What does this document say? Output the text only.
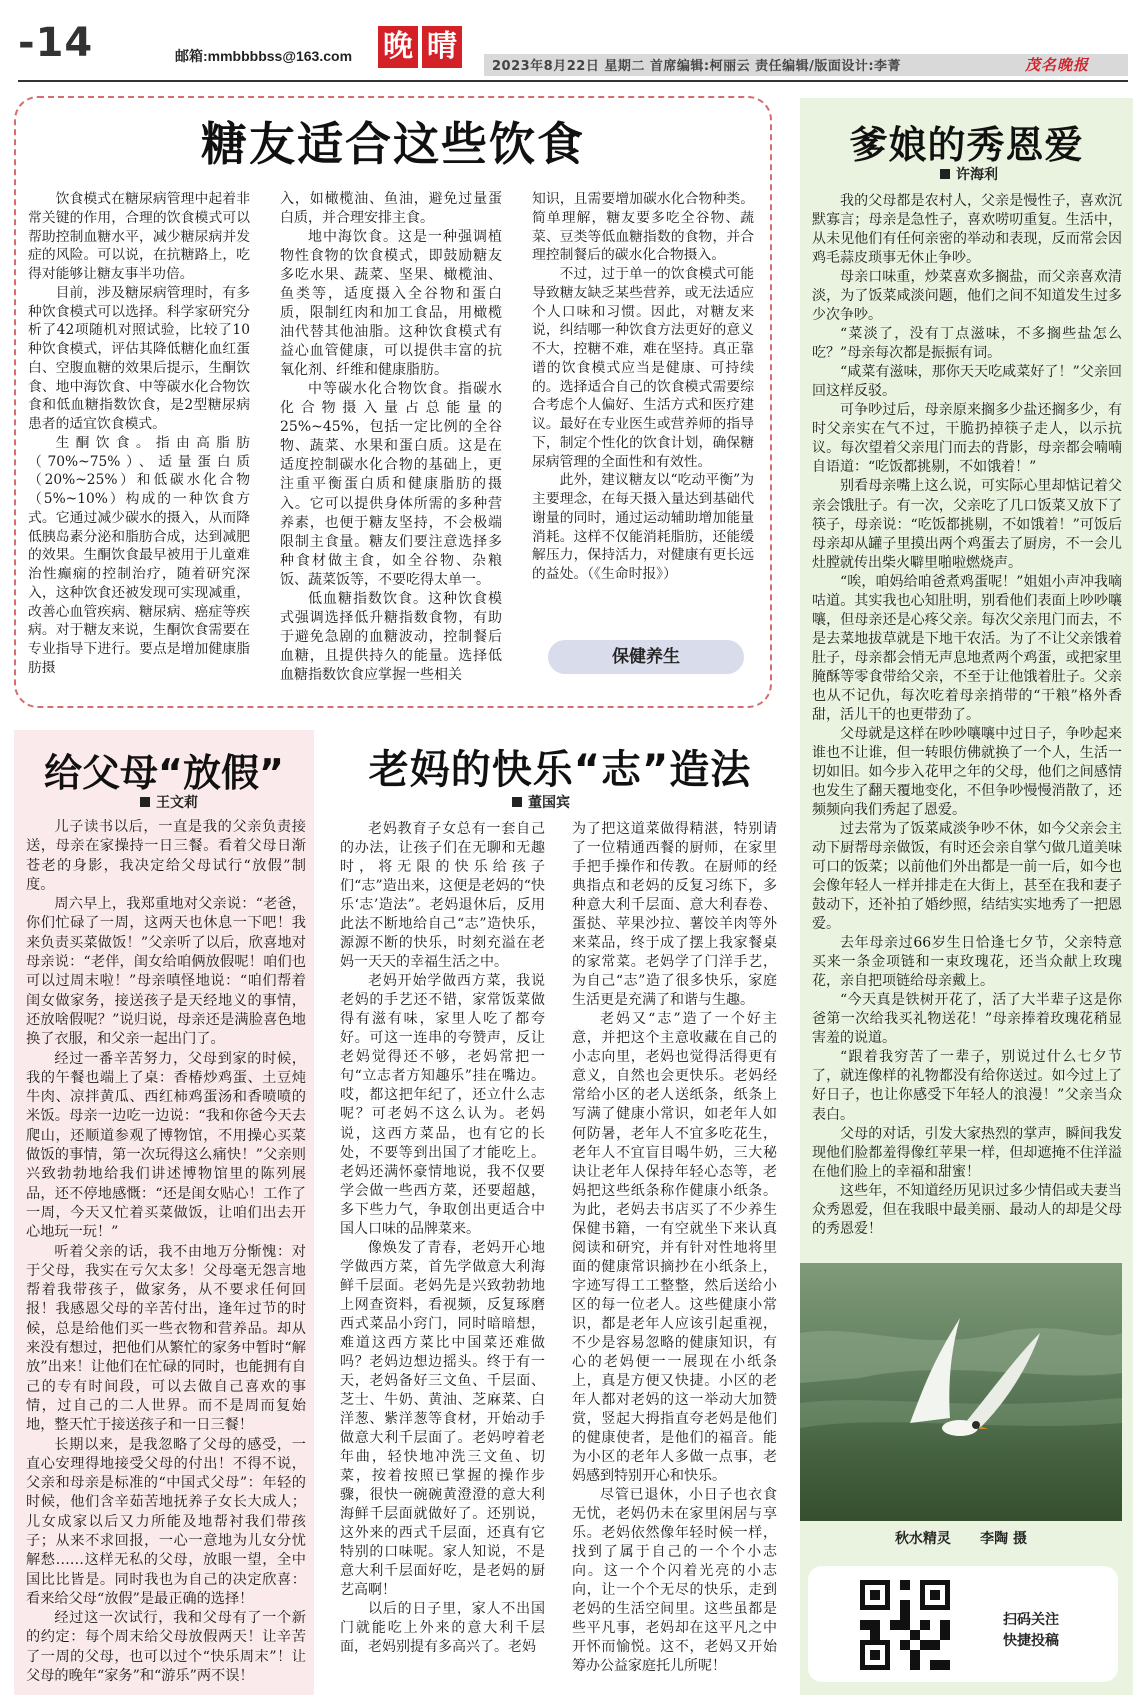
-14	邮箱:mmbbbbss@163.com 晚 晴
2023年8月22日 星期二 首席编辑:柯丽云 责任编辑/版面设计:李菁	茂名晚报
糖友适合这些饮食

饮食模式在糖尿病管理中起着非常关键的作用，合理的饮食模式可以帮助控制血糖水平，减少糖尿病并发症的风险。可以说，在抗糖路上，吃得对能够让糖友事半功倍。

目前，涉及糖尿病管理时，有多种饮食模式可以选择。科学家研究分析了42项随机对照试验，比较了10种饮食模式，评估其降低糖化血红蛋白、空腹血糖的效果后提示，生酮饮食、地中海饮食、中等碳水化合物饮食和低血糖指数饮食，是2型糖尿病患者的适宜饮食模式。

生酮饮食。指由高脂肪（70%~75%）、适量蛋白质（20%~25%）和低碳水化合物（5%~10%）构成的一种饮食方式。它通过减少碳水的摄入，从而降低胰岛素分泌和脂肪合成，达到减肥的效果。生酮饮食最早被用于儿童难治性癫痫的控制治疗，随着研究深入，这种饮食还被发现可实现减重，改善心血管疾病、糖尿病、癌症等疾病。对于糖友来说，生酮饮食需要在专业指导下进行。要点是增加健康脂肪摄

入，如橄榄油、鱼油，避免过量蛋白质，并合理安排主食。

地中海饮食。这是一种强调植物性食物的饮食模式，即鼓励糖友多吃水果、蔬菜、坚果、橄榄油、鱼类等，适度摄入全谷物和蛋白质，限制红肉和加工食品，用橄榄油代替其他油脂。这种饮食模式有益心血管健康，可以提供丰富的抗氧化剂、纤维和健康脂肪。

中等碳水化合物饮食。指碳水化合物摄入量占总能量的25%~45%，包括一定比例的全谷物、蔬菜、水果和蛋白质。这是在适度控制碳水化合物的基础上，更注重平衡蛋白质和健康脂肪的摄入。它可以提供身体所需的多种营养素，也便于糖友坚持，不会极端限制主食量。糖友们要注意选择多种食材做主食，如全谷物、杂粮饭、蔬菜饭等，不要吃得太单一。

低血糖指数饮食。这种饮食模式强调选择低升糖指数食物，有助于避免急剧的血糖波动，控制餐后血糖，且提供持久的能量。选择低血糖指数饮食应掌握一些相关

知识，且需要增加碳水化合物种类。简单理解，糖友要多吃全谷物、蔬菜、豆类等低血糖指数的食物，并合理控制餐后的碳水化合物摄入。

不过，过于单一的饮食模式可能导致糖友缺乏某些营养，或无法适应个人口味和习惯。因此，对糖友来说，纠结哪一种饮食方法更好的意义不大，控糖不难，难在坚持。真正靠谱的饮食模式应当是健康、可持续的。选择适合自己的饮食模式需要综合考虑个人偏好、生活方式和医疗建议。最好在专业医生或营养师的指导下，制定个性化的饮食计划，确保糖尿病管理的全面性和有效性。

此外，建议糖友以“吃动平衡”为主要理念，在每天摄入量达到基础代谢量的同时，通过运动辅助增加能量消耗。这样不仅能消耗脂肪，还能缓解压力，保持活力，对健康有更长远的益处。（《生命时报》）

保健养生
爹娘的秀恩爱
许海利

我的父母都是农村人，父亲是慢性子，喜欢沉默寡言；母亲是急性子，喜欢唠叨重复。生活中，从未见他们有任何亲密的举动和表现，反而常会因鸡毛蒜皮琐事无休止争吵。

母亲口味重，炒菜喜欢多搁盐，而父亲喜欢清淡，为了饭菜咸淡问题，他们之间不知道发生过多少次争吵。

“菜淡了，没有丁点滋味，不多搁些盐怎么吃？”母亲每次都是振振有词。

“咸菜有滋味，那你天天吃咸菜好了！”父亲回回这样反驳。

可争吵过后，母亲原来搁多少盐还搁多少，有时父亲实在气不过，干脆扔掉筷子走人，以示抗议。每次望着父亲甩门而去的背影，母亲都会喃喃自语道：“吃饭都挑剔，不如饿着！”

别看母亲嘴上这么说，可实际心里却惦记着父亲会饿肚子。有一次，父亲吃了几口饭菜又放下了筷子，母亲说：“吃饭都挑剔，不如饿着！”可饭后母亲却从罐子里摸出两个鸡蛋去了厨房，不一会儿灶膛就传出柴火噼里啪啦燃烧声。

“唉，咱妈给咱爸煮鸡蛋呢！”姐姐小声冲我嘀咕道。其实我也心知肚明，别看他们表面上吵吵嚷嚷，但母亲还是心疼父亲。每次父亲甩门而去，不是去菜地拔草就是下地干农活。为了不让父亲饿着肚子，母亲都会悄无声息地煮两个鸡蛋，或把家里腌酥等零食带给父亲，不至于让他饿着肚子。父亲也从不记仇，每次吃着母亲捎带的“干粮”格外香甜，活儿干的也更带劲了。

父母就是这样在吵吵嚷嚷中过日子，争吵起来谁也不让谁，但一转眼仿佛就换了一个人，生活一切如旧。如今步入花甲之年的父母，他们之间感情也发生了翻天覆地变化，不但争吵慢慢消散了，还频频向我们秀起了恩爱。

过去常为了饭菜咸淡争吵不休，如今父亲会主动下厨帮母亲做饭，有时还会亲自掌勺做几道美味可口的饭菜；以前他们外出都是一前一后，如今也会像年轻人一样并排走在大街上，甚至在我和妻子鼓动下，还补拍了婚纱照，结结实实地秀了一把恩爱。

去年母亲过66岁生日恰逢七夕节，父亲特意买来一条金项链和一束玫瑰花，还当众献上玫瑰花，亲自把项链给母亲戴上。

“今天真是铁树开花了，活了大半辈子这是你爸第一次给我买礼物送花！”母亲捧着玫瑰花稍显害羞的说道。

“跟着我穷苦了一辈子，别说过什么七夕节了，就连像样的礼物都没有给你送过。如今过上了好日子，也让你感受下年轻人的浪漫！”父亲当众表白。

父母的对话，引发大家热烈的掌声，瞬间我发现他们脸都羞得像红苹果一样，但却遮掩不住洋溢在他们脸上的幸福和甜蜜！

这些年，不知道经历见识过多少情侣或夫妻当众秀恩爱，但在我眼中最美丽、最动人的却是父母的秀恩爱！

秋水精灵      李陶 摄
扫码关注
快捷投稿
给父母“放假”
王文莉

儿子读书以后，一直是我的父亲负责接送，母亲在家操持一日三餐。看着父母日渐苍老的身影，我决定给父母试行“放假”制度。

周六早上，我郑重地对父亲说：“老爸，你们忙碌了一周，这两天也休息一下吧！我来负责买菜做饭！”父亲听了以后，欣喜地对母亲说：“老伴，闺女给咱俩放假呢！咱们也可以过周末啦！”母亲嗔怪地说：“咱们帮着闺女做家务，接送孩子是天经地义的事情，还放啥假呢？”说归说，母亲还是满脸喜色地换了衣服，和父亲一起出门了。

经过一番辛苦努力，父母到家的时候，我的午餐也端上了桌：香椿炒鸡蛋、土豆炖牛肉、凉拌黄瓜、西红柿鸡蛋汤和香喷喷的米饭。母亲一边吃一边说：“我和你爸今天去爬山，还顺道参观了博物馆，不用操心买菜做饭的事情，第一次玩得这么痛快！”父亲则兴致勃勃地给我们讲述博物馆里的陈列展品，还不停地感慨：“还是闺女贴心！工作了一周，今天又忙着买菜做饭，让咱们出去开心地玩一玩！”

听着父亲的话，我不由地万分惭愧：对于父母，我实在亏欠太多！父母毫无怨言地帮着我带孩子，做家务，从不要求任何回报！我感恩父母的辛苦付出，逢年过节的时候，总是给他们买一些衣物和营养品。却从来没有想过，把他们从繁忙的家务中暂时“解放”出来！让他们在忙碌的同时，也能拥有自己的专有时间段，可以去做自己喜欢的事情，过自己的二人世界。而不是周而复始地，整天忙于接送孩子和一日三餐！

长期以来，是我忽略了父母的感受，一直心安理得地接受父母的付出！不得不说，父亲和母亲是标准的“中国式父母”：年轻的时候，他们含辛茹苦地抚养子女长大成人；儿女成家以后又力所能及地帮衬我们带孩子；从来不求回报，一心一意地为儿女分忧解愁……这样无私的父母，放眼一望，全中国比比皆是。同时我也为自己的决定欣喜：看来给父母“放假”是最正确的选择！

经过这一次试行，我和父母有了一个新的约定：每个周末给父母放假两天！让辛苦了一周的父母，也可以过个“快乐周末”！让父母的晚年“家务”和“游乐”两不误！

老妈的快乐“志”造法
董国宾

老妈教育子女总有一套自己的办法，让孩子们在无聊和无趣时，将无限的快乐给孩子们“志”造出来，这便是老妈的“快乐‘志’造法”。老妈退休后，反用此法不断地给自己“志”造快乐，源源不断的快乐，时刻充溢在老妈一天天的幸福生活之中。

老妈开始学做西方菜，我说老妈的手艺还不错，家常饭菜做得有滋有味，家里人吃了都夸好。可这一连串的夸赞声，反让老妈觉得还不够，老妈常把一句“立志者方知趣乐”挂在嘴边。哎，都这把年纪了，还立什么志呢？可老妈不这么认为。老妈说，这西方菜品，也有它的长处，不要等到出国了才能吃上。老妈还满怀豪情地说，我不仅要学会做一些西方菜，还要超越，多下些力气，争取创出更适合中国人口味的品牌菜来。

像焕发了青春，老妈开心地学做西方菜，首先学做意大利海鲜千层面。老妈先是兴致勃勃地上网查资料，看视频，反复琢磨西式菜品小窍门，同时暗暗想，难道这西方菜比中国菜还难做吗？老妈边想边摇头。终于有一天，老妈备好三文鱼、千层面、芝士、牛奶、黄油、芝麻菜、白洋葱、紫洋葱等食材，开始动手做意大利千层面了。老妈哼着老年曲，轻快地冲洗三文鱼、切菜，按着按照已掌握的操作步骤，很快一碗碗黄澄澄的意大利海鲜千层面就做好了。还别说，这外来的西式千层面，还真有它特别的口味呢。家人知说，不是意大利千层面好吃，是老妈的厨艺高啊！

以后的日子里，家人不出国门就能吃上外来的意大利千层面，老妈别提有多高兴了。老妈

为了把这道菜做得精湛，特别请了一位精通西餐的厨师，在家里手把手操作和传教。在厨师的经典指点和老妈的反复习练下，多种意大利千层面、意大利春卷、蛋挞、苹果沙拉、薯饺羊肉等外来菜品，终于成了摆上我家餐桌的家常菜。老妈学了门洋手艺，为自己“志”造了很多快乐，家庭生活更是充满了和谐与生趣。

老妈又“志”造了一个好主意，并把这个主意收藏在自己的小志向里，老妈也觉得活得更有意义，自然也会更快乐。老妈经常给小区的老人送纸条，纸条上写满了健康小常识，如老年人如何防暑，老年人不宜多吃花生，老年人不宜盲目喝牛奶，三大秘诀让老年人保持年轻心态等，老妈把这些纸条称作健康小纸条。为此，老妈去书店买了不少养生保健书籍，一有空就坐下来认真阅读和研究，并有针对性地将里面的健康常识摘抄在小纸条上，字迹写得工工整整，然后送给小区的每一位老人。这些健康小常识，都是老年人应该引起重视，不少是容易忽略的健康知识，有心的老妈便一一展现在小纸条上，真是方便又快捷。小区的老年人都对老妈的这一举动大加赞赏，竖起大拇指直夸老妈是他们的健康使者，是他们的福音。能为小区的老年人多做一点事，老妈感到特别开心和快乐。

尽管已退休，小日子也衣食无忧，老妈仍未在家里闲居与享乐。老妈依然像年轻时候一样，找到了属于自己的一个个小志向。这一个个闪着光亮的小志向，让一个个无尽的快乐，走到老妈的生活空间里。这些虽都是些平凡事，老妈却在这平凡之中开怀而愉悦。这不，老妈又开始筹办公益家庭托儿所呢！
